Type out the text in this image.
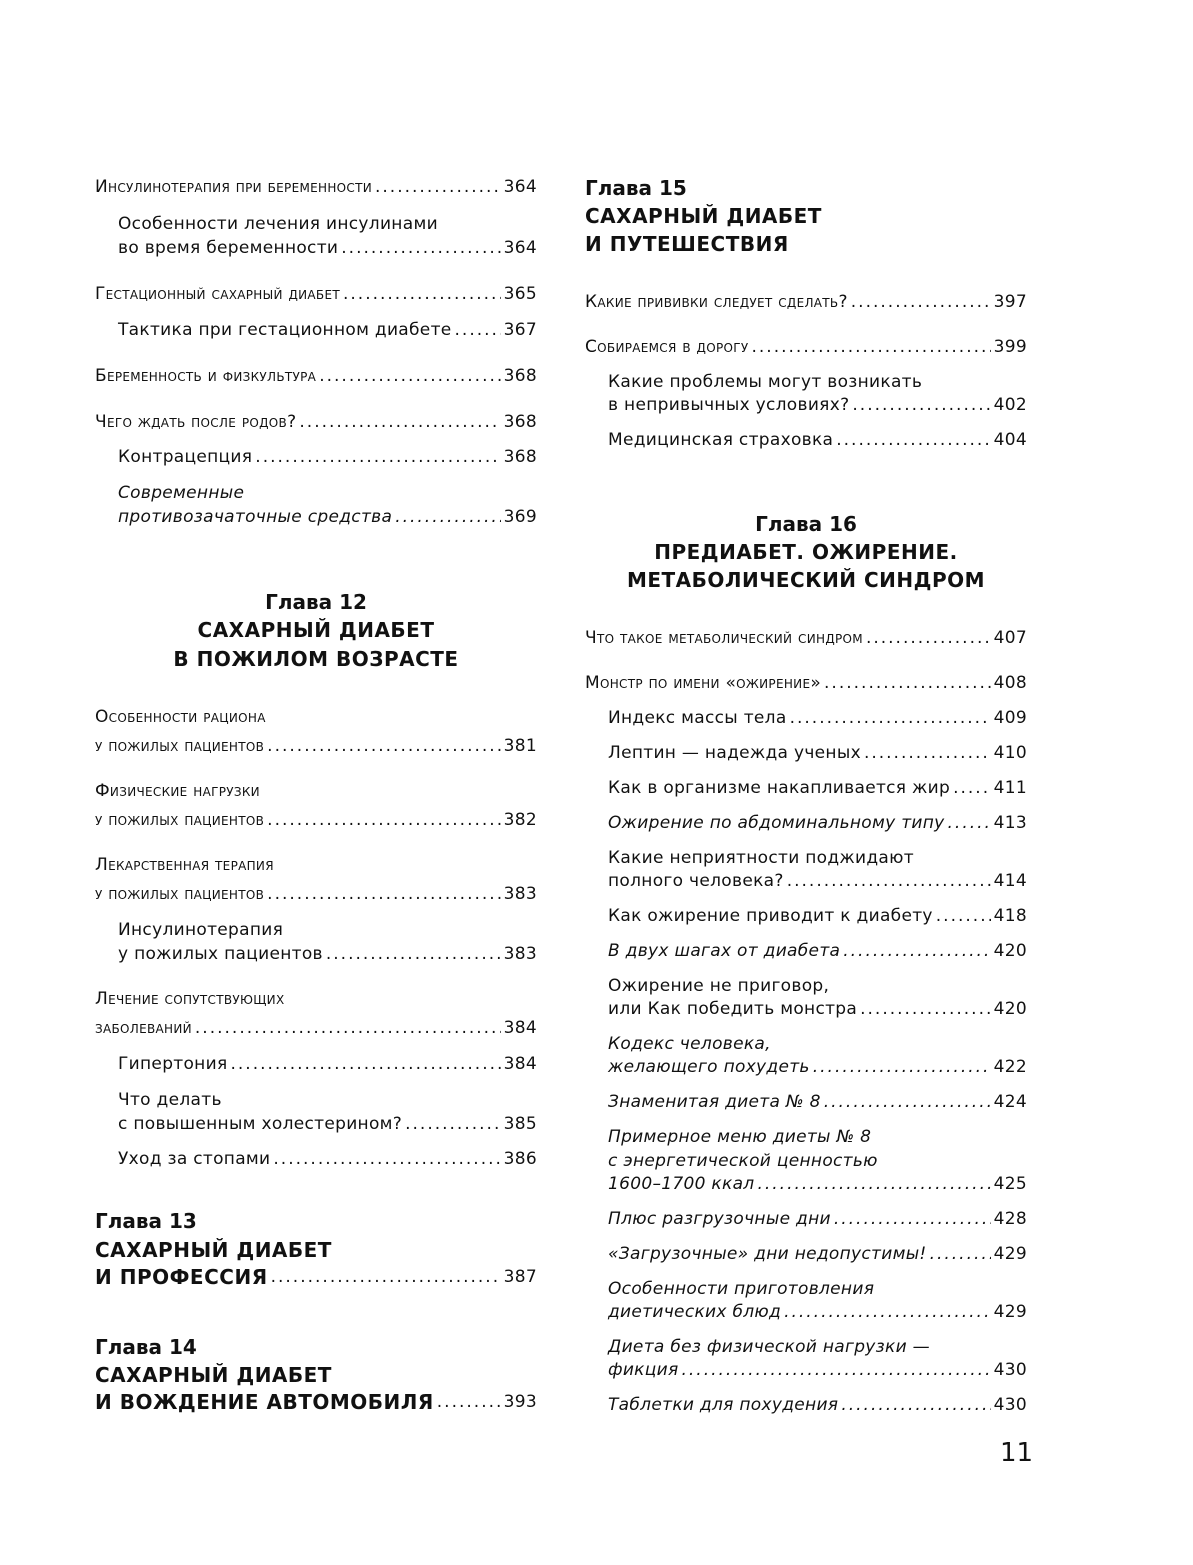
Инсулинотерапия при беременности .....	364
Особенности лечения инсулинами
во время беременности .....	364
Гестационный сахарный диабет .....	365
Тактика при гестационном диабете .....	367
Беременность и физкультура .....	368
Чего ждать после родов? .....	368
Контрацепция .....	368
Современные
противозачаточные средства .....	369
Глава 12
САХАРНЫЙ ДИАБЕТ
В ПОЖИЛОМ ВОЗРАСТЕ
Особенности рациона
у пожилых пациентов .....	381
Физические нагрузки
у пожилых пациентов .....	382
Лекарственная терапия
у пожилых пациентов .....	383
Инсулинотерапия
у пожилых пациентов .....	383
Лечение сопутствующих
заболеваний .....	384
Гипертония .....	384
Что делать
с повышенным холестерином? .....	385
Уход за стопами .....	386
Глава 13
САХАРНЫЙ ДИАБЕТ
И ПРОФЕССИЯ .....	387
Глава 14
САХАРНЫЙ ДИАБЕТ
И ВОЖДЕНИЕ АВТОМОБИЛЯ .....	393
Глава 15
САХАРНЫЙ ДИАБЕТ
И ПУТЕШЕСТВИЯ
Какие прививки следует сделать? .....	397
Собираемся в дорогу .....	399
Какие проблемы могут возникать
в непривычных условиях? .....	402
Медицинская страховка .....	404
Глава 16
ПРЕДИАБЕТ. ОЖИРЕНИЕ.
МЕТАБОЛИЧЕСКИЙ СИНДРОМ
Что такое метаболический синдром .....	407
Монстр по имени «ожирение» .....	408
Индекс массы тела .....	409
Лептин — надежда ученых .....	410
Как в организме накапливается жир .....	411
Ожирение по абдоминальному типу .....	413
Какие неприятности поджидают
полного человека? .....	414
Как ожирение приводит к диабету .....	418
В двух шагах от диабета .....	420
Ожирение не приговор,
или Как победить монстра .....	420
Кодекс человека,
желающего похудеть .....	422
Знаменитая диета № 8 .....	424
Примерное меню диеты № 8
с энергетической ценностью
1600–1700 ккал .....	425
Плюс разгрузочные дни .....	428
«Загрузочные» дни недопустимы! .....	429
Особенности приготовления
диетических блюд .....	429
Диета без физической нагрузки —
фикция .....	430
Таблетки для похудения .....	430
11
